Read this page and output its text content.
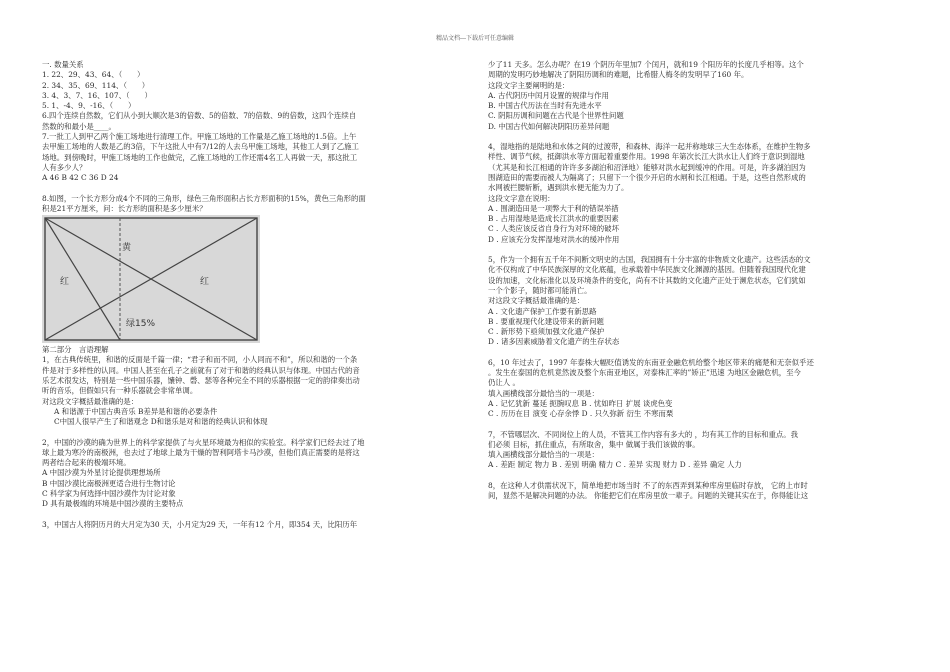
精品文档---下载后可任意编辑
一. 数量关系
1. 22、29、43、64、（　　）
2. 34、35、69、114、（　　）
3. 4、3、7、16、107、（　　）
5. 1、-4、9、-16、（　　）
6.四个连续自然数，它们从小到大顺次是3的倍数、5的倍数、7的倍数、9的倍数，这四个连续自
然数的和最小是____。
7.一批工人到甲乙两个施工场地进行清理工作。甲施工场地的工作量是乙施工场地的1.5倍。上午
去甲施工场地的人数是乙的3倍，下午这批人中有7/12的人去乌甲施工场地，其他工人到了乙施工
场地。到傍晚时，甲施工场地的工作也做完，乙施工场地的工作还需4名工人再做一天，那这批工
人有多少人？
A 46 B 42 C 36 D 24
8.如图，一个长方形分成4个不同的三角形，绿色三角形面积占长方形面积的15%，黄色三角形的面
积是21平方厘米，问：长方形的面积是多少厘米？
黄
红	红
绿15%
第二部分　言语理解
1，在古典传统里，和谐的反面是千篇一律；“君子和而不同，小人同而不和”，所以和谐的一个条
件是对于多样性的认同。中国人甚至在孔子之前就有了对于和谐的经典认识与体现。中国古代的音
乐艺术很发达，特别是一些中国乐器，馕钟、磬、瑟等各种完全不同的乐器根据一定的韵律奏出动
听的音乐，但假如只有一种乐器就会非常单调。
对这段文字概括最准确的是：
A 和谐源于中国古典音乐 B差异是和谐的必要条件
C中国人很早产生了和谐观念 D和谐乐是对和谐的经典认识和体现
2，中国的沙漠的确为世界上的科学家提供了与火星环境最为相似的实验室。科学家们已经去过了地
球上最为寒冷的南极洲，也去过了地球上最为干燥的智利阿塔卡马沙漠，但他们真正需要的是将这
两者结合起来的极端环境。
A 中国沙漠为外星讨论提供理想场所
B 中国沙漠比南极洲更适合进行生物讨论
C 科学家为何选择中国沙漠作为讨论对象
D 具有最极端的环境是中国沙漠的主要特点
3，中国古人将阴历月的大月定为30 天，小月定为29 天，一年有12 个月，即354 天，比阳历年
少了11 天多。怎么办呢？在19 个阴历年里加7 个闰月，就和19 个阳历年的长度几乎相等。这个
周期的发明巧妙地解决了阴阳历调和的难题，比希腊人梅冬的发明早了160 年。
这段文字主要阐明的是：
A. 古代阴历中闰月设置的规律与作用
B. 中国古代历法在当时有先进水平
C. 阴阳历调和问题在古代是个世界性问题
D. 中国古代如何解决阴阳历差异问题
4，湿地指的是陆地和水体之间的过渡带，和森林、海洋一起并称地球三大生态体系，在维护生物多
样性、调节气候，抵御洪水等方面起着重要作用。1998 年第次长江大洪水让人们终于意识到湿地
（尤其是和长江相通的许许多多湖泊和沼泽地）能够对洪水起到缓冲的作用。可是，许多湖泊因为
围湖造田的需要而被人为隔离了；只留下一个很少开启的水闸和长江相通。于是，这些自然形成的
水网被拦腰斩断，遇到洪水便无能为力了。
这段文字意在说明：
A . 围湖造田是一项弊大于利的错误举措
B . 占用湿地是造成长江洪水的重要因素
C . 人类应该反省自身行为对环境的破坏
D . 应该充分发挥湿地对洪水的缓冲作用
5，作为一个拥有五千年不间断文明史的古国，我国拥有十分丰富的非物质文化遗产。这些活态的文
化不仅构成了中华民族深厚的文化底蕴，也承载着中华民族文化渊源的基因。但随着我国现代化建
设的加速，文化标准化以及环境条件的变化，尚有不计其数的文化遗产正处于濒危状态，它们犹如
一个个影子，随时都可能消亡。
对这段文字概括最准确的是：
A . 文化遗产保护工作要有新思路
B . 要重视现代化建设带来的新问题
C . 新形势下亟须加强文化遗产保护
D . 诸多因素威胁着文化遗产的生存状态
6，10 年过去了，1997 年泰株大幅贬值诱发的东南亚金融危机给整个地区带来的痛楚和无奈似乎还
。发生在泰国的危机竟然波及整个东南亚地区，对泰株汇率的”矫正”迅速 为地区金融危机，至今
仍让人 。
填入画横线部分最恰当的一项是：
A . 记忆犹新 蔓延 扼腕叹息 B . 忧如昨日 扩展 谈虎色变
C . 历历在目 演变 心存余悸 D . 只久弥新 衍生 不寒而栗
7，不管哪层次、不同岗位上的人员，不管其工作内容有多大的 ，均有其工作的目标和重点。我
们必须 目标，抓住重点，有所取舍，集中 做属于我们该做的事。
填入画横线部分最恰当的一项是：
A . 差距 制定 物力 B . 差别 明确 精力 C . 差异 实现 财力 D . 差异 确定 人力
8，在这种人才供需状况下，简单地把市场当时 不了的东西弄到某种库房里临时存放， 它的上市时
间，显然不是解决问题的办法。 你能把它们在库房里放一辈子。问题的关键其实在于，你得能让这
